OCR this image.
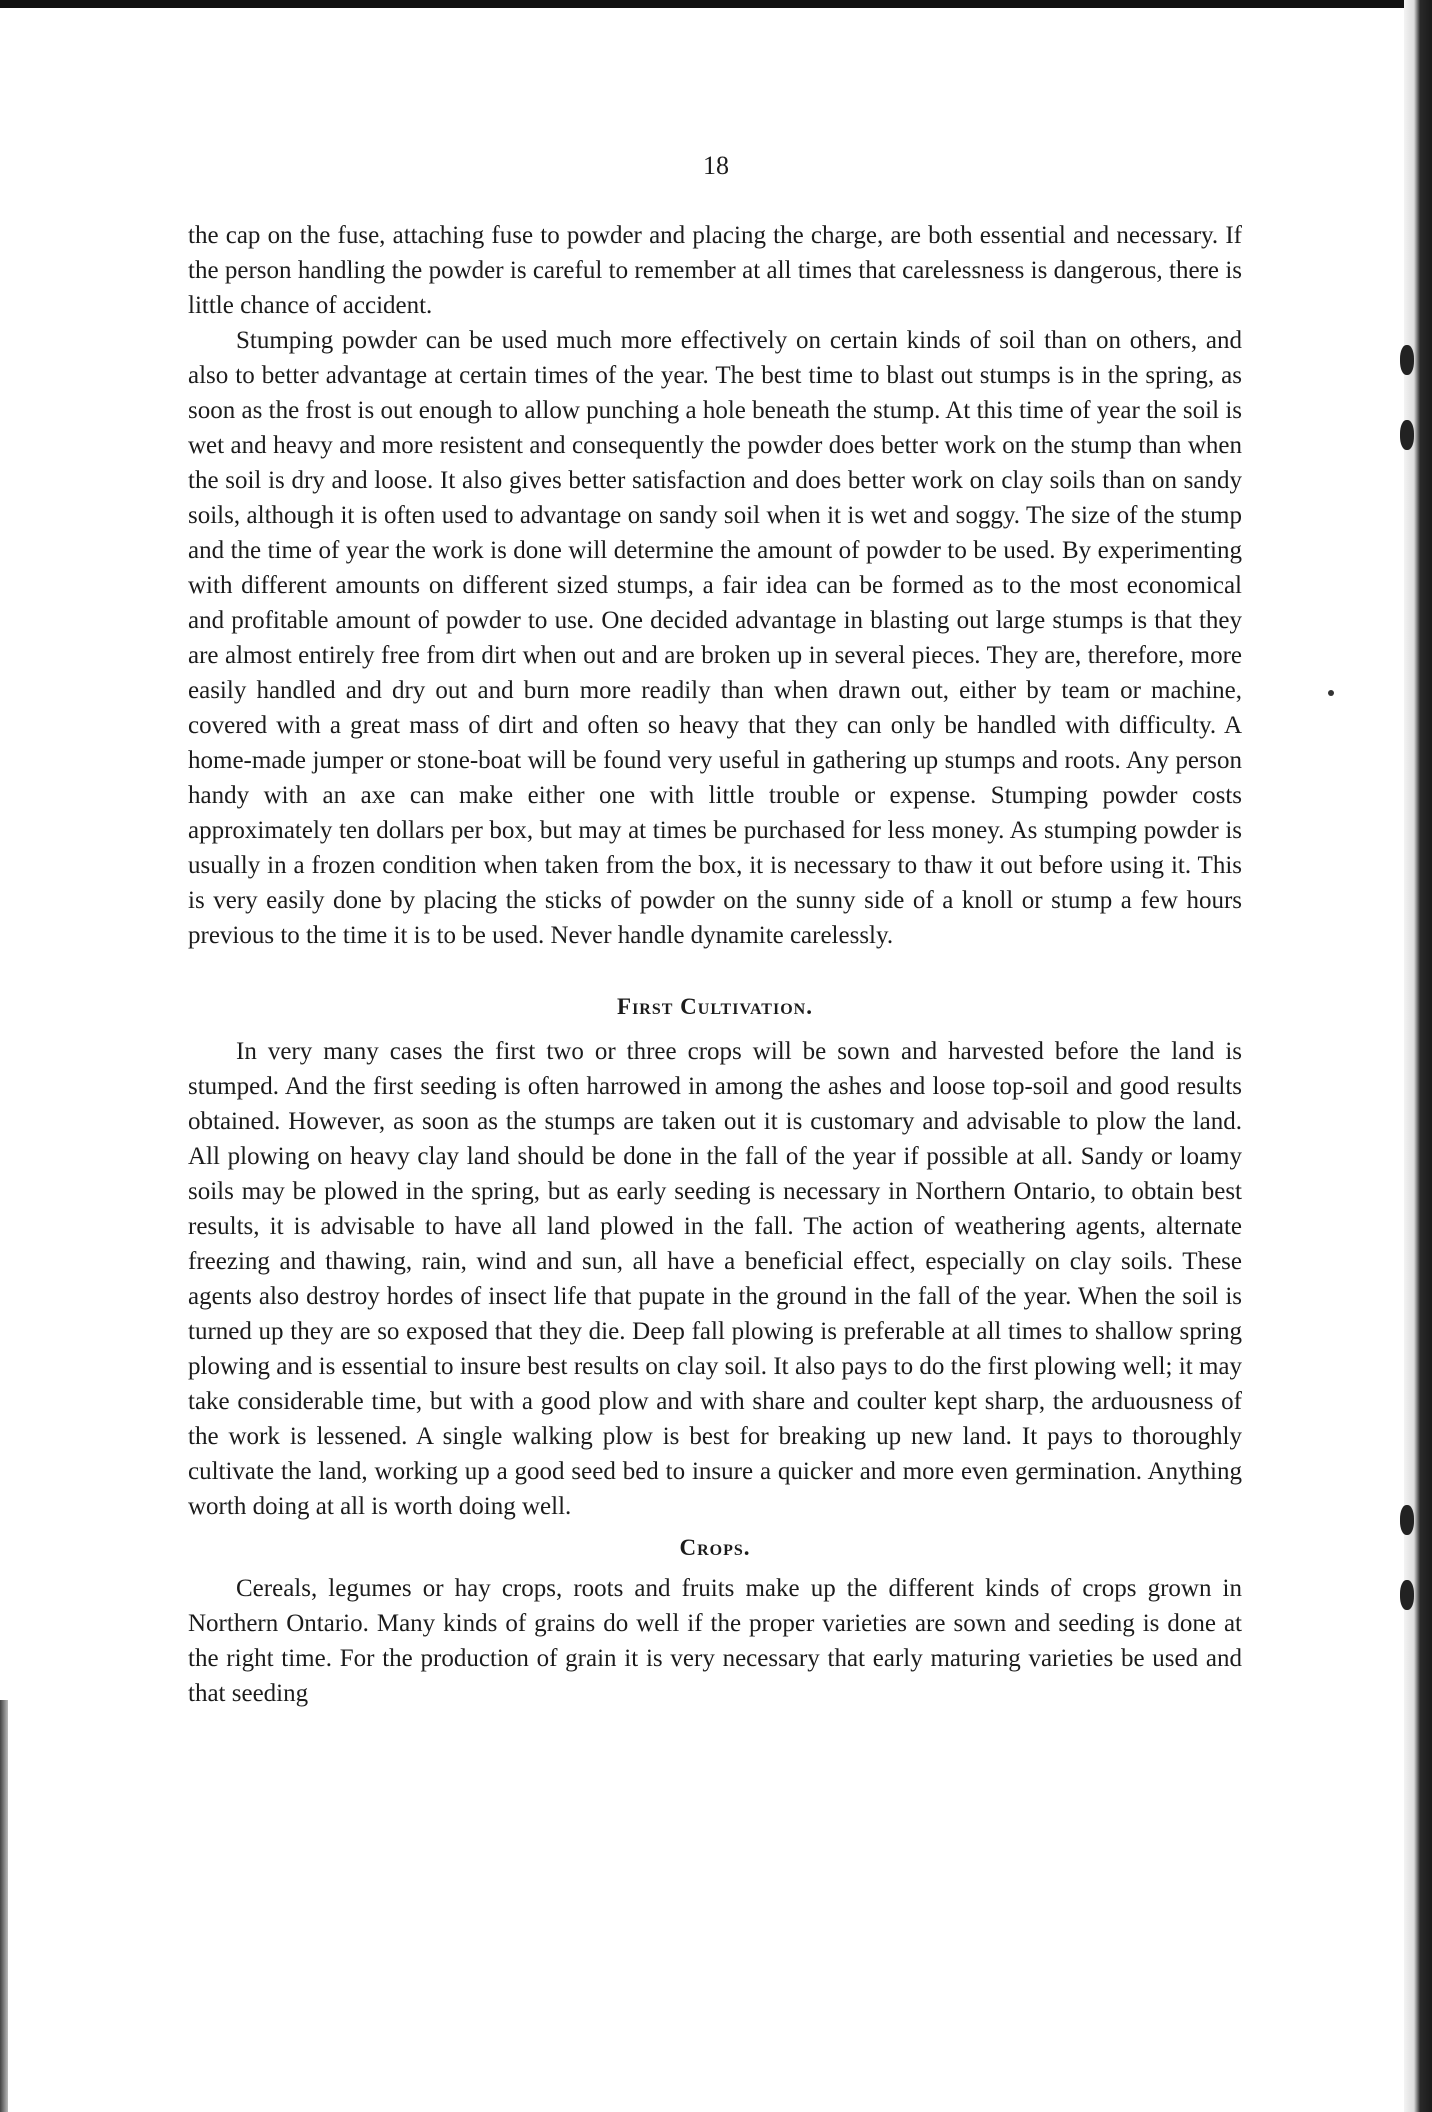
18

the cap on the fuse, attaching fuse to powder and placing the charge, are both essential and necessary. If the person handling the powder is careful to remember at all times that carelessness is dangerous, there is little chance of accident.

Stumping powder can be used much more effectively on certain kinds of soil than on others, and also to better advantage at certain times of the year. The best time to blast out stumps is in the spring, as soon as the frost is out enough to allow punching a hole beneath the stump. At this time of year the soil is wet and heavy and more resistent and consequently the powder does better work on the stump than when the soil is dry and loose. It also gives better satisfaction and does better work on clay soils than on sandy soils, although it is often used to advantage on sandy soil when it is wet and soggy. The size of the stump and the time of year the work is done will determine the amount of powder to be used. By experimenting with different amounts on different sized stumps, a fair idea can be formed as to the most economical and profitable amount of powder to use. One decided advantage in blasting out large stumps is that they are almost entirely free from dirt when out and are broken up in several pieces. They are, therefore, more easily handled and dry out and burn more readily than when drawn out, either by team or machine, covered with a great mass of dirt and often so heavy that they can only be handled with difficulty. A home-made jumper or stone-boat will be found very useful in gathering up stumps and roots. Any person handy with an axe can make either one with little trouble or expense. Stumping powder costs approximately ten dollars per box, but may at times be purchased for less money. As stumping powder is usually in a frozen condition when taken from the box, it is necessary to thaw it out before using it. This is very easily done by placing the sticks of powder on the sunny side of a knoll or stump a few hours previous to the time it is to be used. Never handle dynamite carelessly.

First Cultivation.

In very many cases the first two or three crops will be sown and harvested before the land is stumped. And the first seeding is often harrowed in among the ashes and loose top-soil and good results obtained. However, as soon as the stumps are taken out it is customary and advisable to plow the land. All plowing on heavy clay land should be done in the fall of the year if possible at all. Sandy or loamy soils may be plowed in the spring, but as early seeding is necessary in Northern Ontario, to obtain best results, it is advisable to have all land plowed in the fall. The action of weathering agents, alternate freezing and thawing, rain, wind and sun, all have a beneficial effect, especially on clay soils. These agents also destroy hordes of insect life that pupate in the ground in the fall of the year. When the soil is turned up they are so exposed that they die. Deep fall plowing is preferable at all times to shallow spring plowing and is essential to insure best results on clay soil. It also pays to do the first plowing well; it may take considerable time, but with a good plow and with share and coulter kept sharp, the arduousness of the work is lessened. A single walking plow is best for breaking up new land. It pays to thoroughly cultivate the land, working up a good seed bed to insure a quicker and more even germination. Anything worth doing at all is worth doing well.

Crops.

Cereals, legumes or hay crops, roots and fruits make up the different kinds of crops grown in Northern Ontario. Many kinds of grains do well if the proper varieties are sown and seeding is done at the right time. For the production of grain it is very necessary that early maturing varieties be used and that seeding
